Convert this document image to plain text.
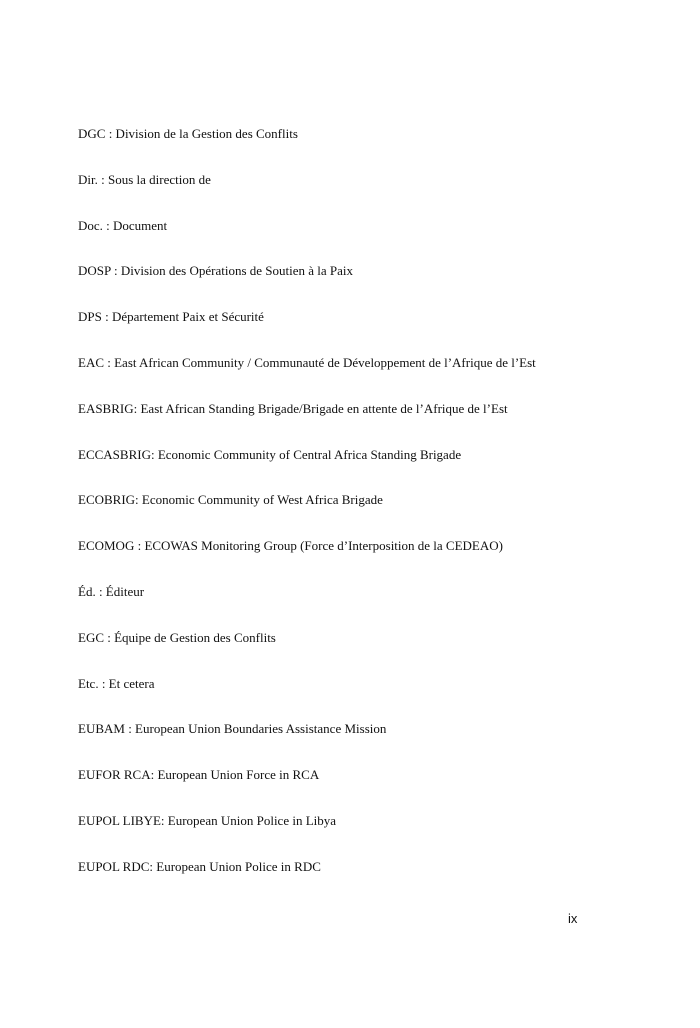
DGC : Division de la Gestion des Conflits
Dir. : Sous la direction de
Doc. : Document
DOSP : Division des Opérations de Soutien à la Paix
DPS : Département Paix et Sécurité
EAC : East African Community / Communauté de Développement de l’Afrique de l’Est
EASBRIG: East African Standing Brigade/Brigade en attente de l’Afrique de l’Est
ECCASBRIG: Economic Community of Central Africa Standing Brigade
ECOBRIG: Economic Community of West Africa Brigade
ECOMOG : ECOWAS Monitoring Group (Force d’Interposition de la CEDEAO)
Éd. : Éditeur
EGC : Équipe de Gestion des Conflits
Etc. : Et cetera
EUBAM : European Union Boundaries Assistance Mission
EUFOR RCA: European Union Force in RCA
EUPOL LIBYE: European Union Police in Libya
EUPOL RDC: European Union Police in RDC
ix
